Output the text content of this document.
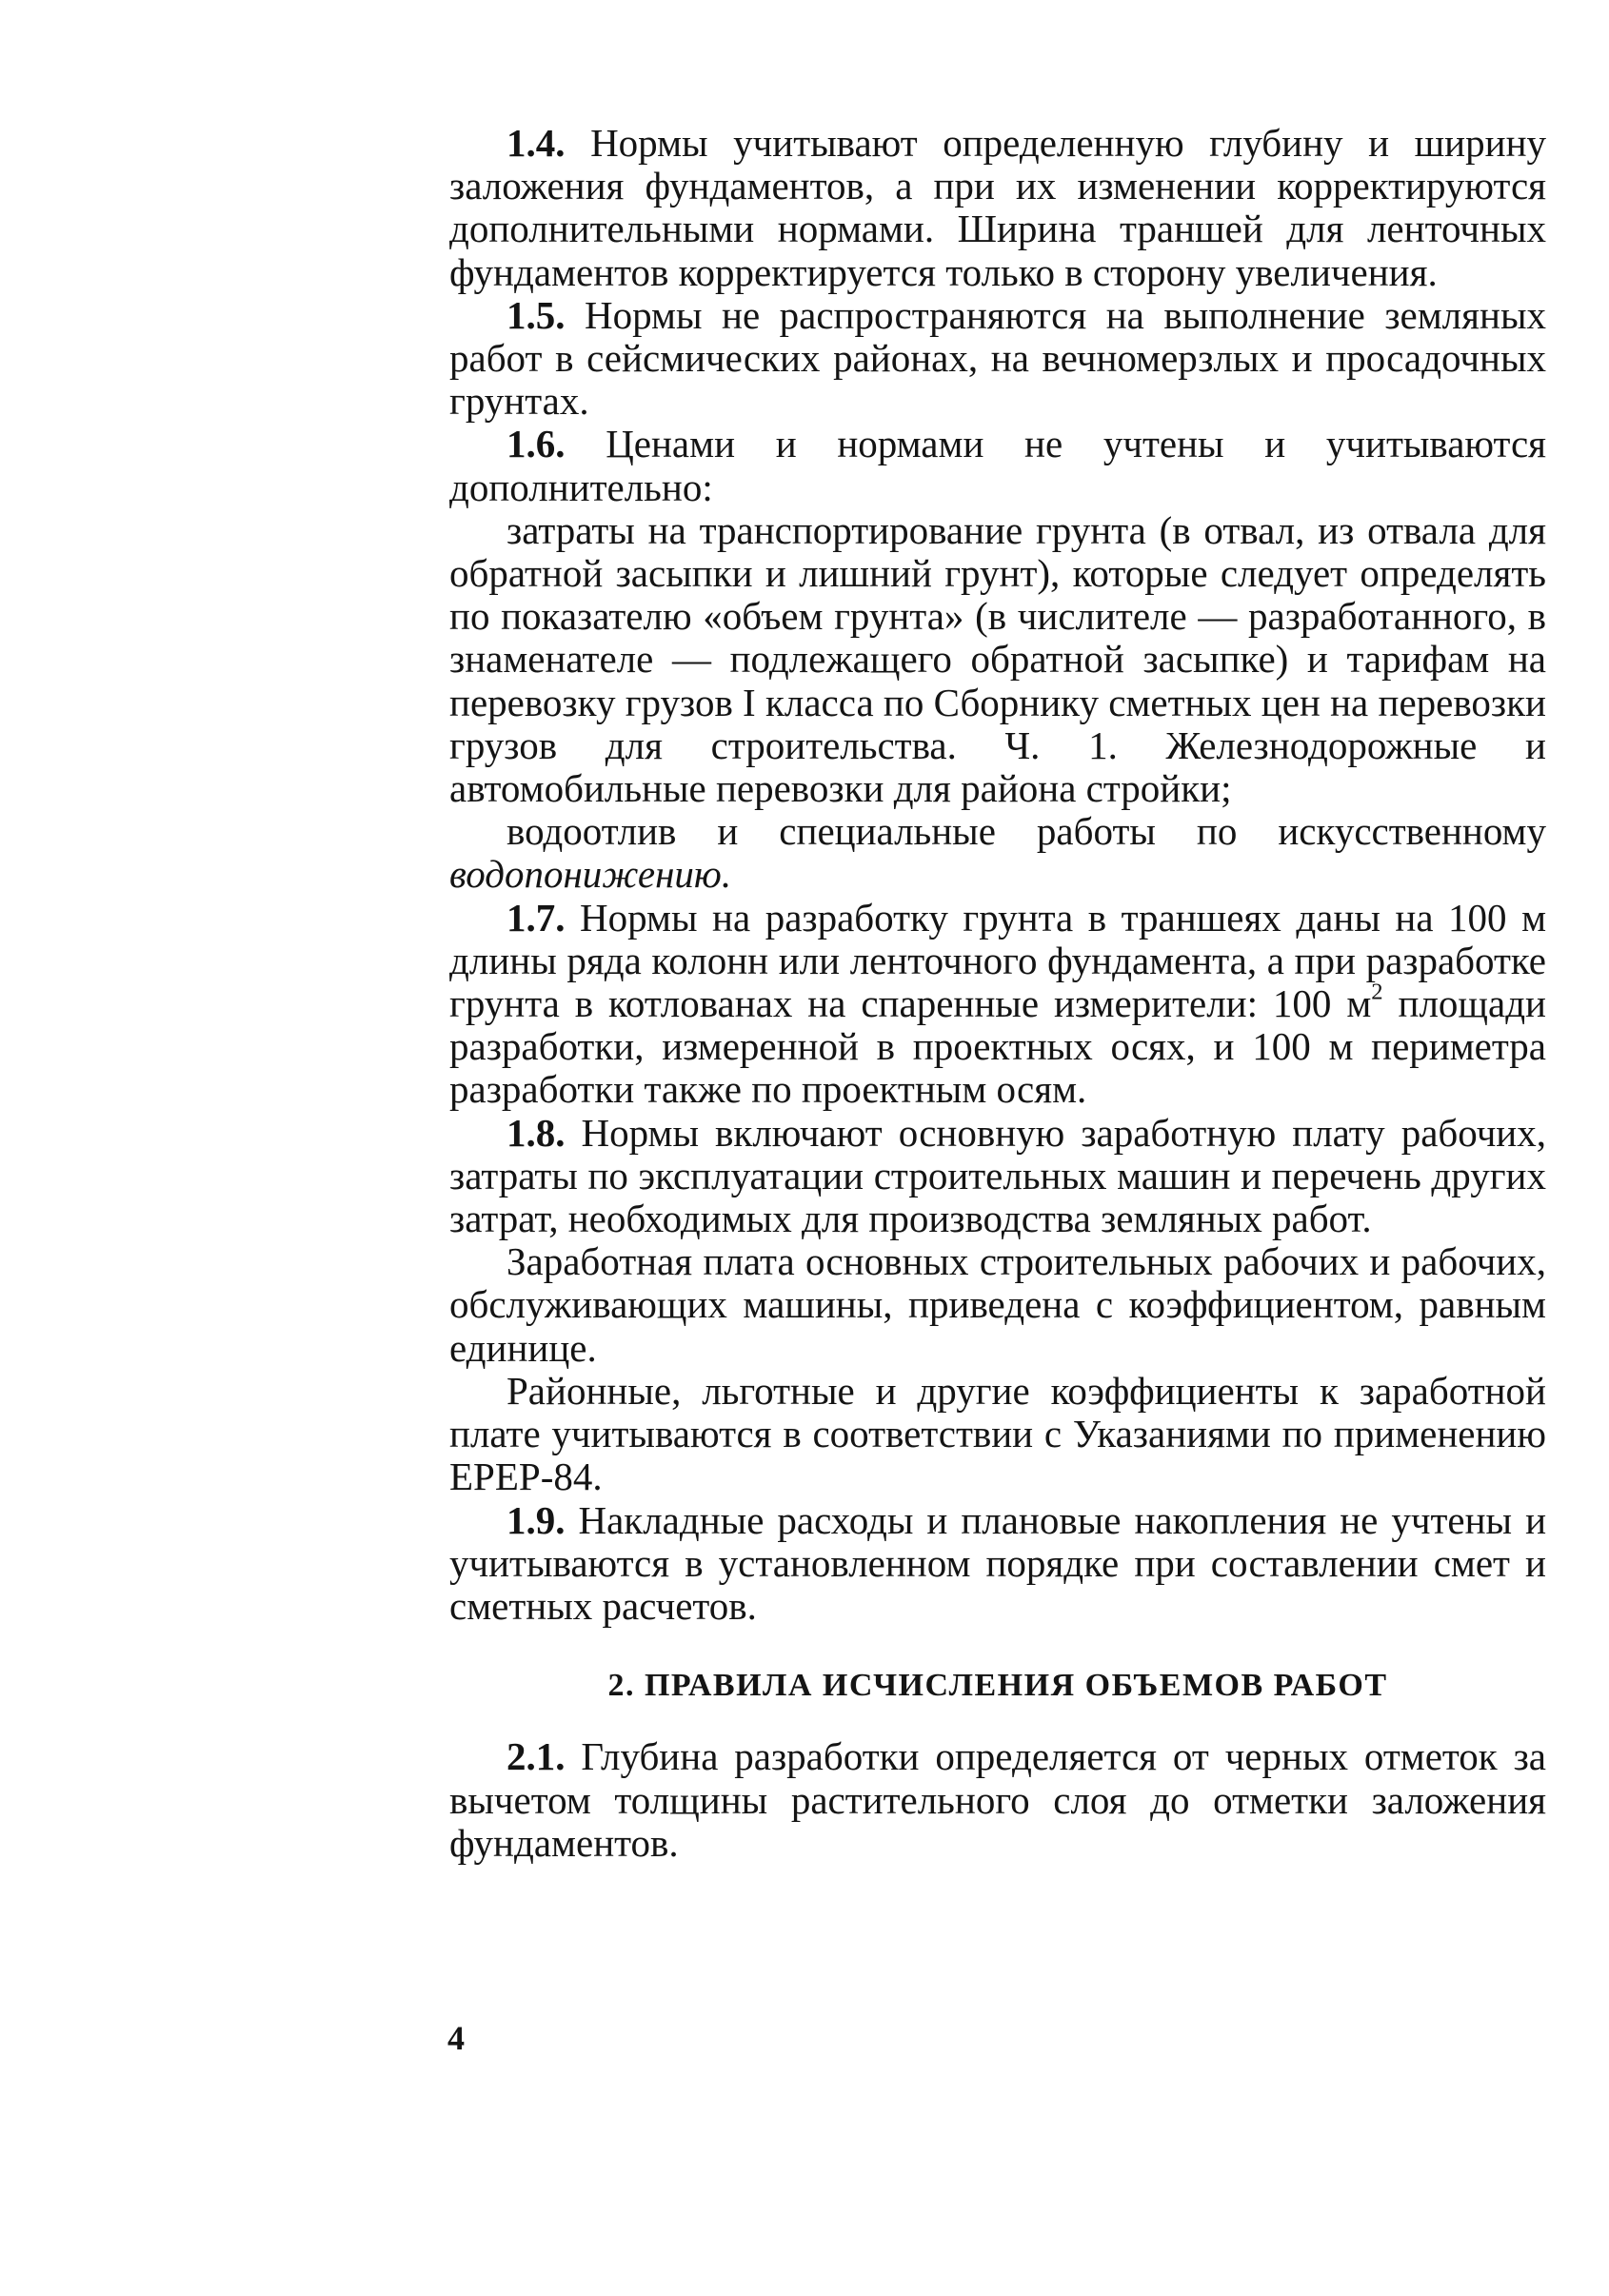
1.4. Нормы учитывают определенную глубину и ширину заложения фундаментов, а при их изменении корректируются дополнительными нормами. Ширина траншей для ленточных фундаментов корректируется только в сторону увеличения.

1.5. Нормы не распространяются на выполнение земляных работ в сейсмических районах, на вечномерзлых и просадочных грунтах.

1.6. Ценами и нормами не учтены и учитываются дополнительно:

затраты на транспортирование грунта (в отвал, из отвала для обратной засыпки и лишний грунт), которые следует определять по показателю «объем грунта» (в числителе — разработанного, в знаменателе — подлежащего обратной засыпке) и тарифам на перевозку грузов I класса по Сборнику сметных цен на перевозки грузов для строительства. Ч. 1. Железнодорожные и автомобильные перевозки для района стройки;

водоотлив и специальные работы по искусственному водопонижению.

1.7. Нормы на разработку грунта в траншеях даны на 100 м длины ряда колонн или ленточного фундамента, а при разработке грунта в котлованах на спаренные измерители: 100 $м^2$ площади разработки, измеренной в проектных осях, и 100 м периметра разработки также по проектным осям.

1.8. Нормы включают основную заработную плату рабочих, затраты по эксплуатации строительных машин и перечень других затрат, необходимых для производства земляных работ.

Заработная плата основных строительных рабочих и рабочих, обслуживающих машины, приведена с коэффициентом, равным единице.

Районные, льготные и другие коэффициенты к заработной плате учитываются в соответствии с Указаниями по применению ЕРЕР-84.

1.9. Накладные расходы и плановые накопления не учтены и учитываются в установленном порядке при составлении смет и сметных расчетов.

2. ПРАВИЛА ИСЧИСЛЕНИЯ ОБЪЕМОВ РАБОТ

2.1. Глубина разработки определяется от черных отметок за вычетом толщины растительного слоя до отметки заложения фундаментов.

4
